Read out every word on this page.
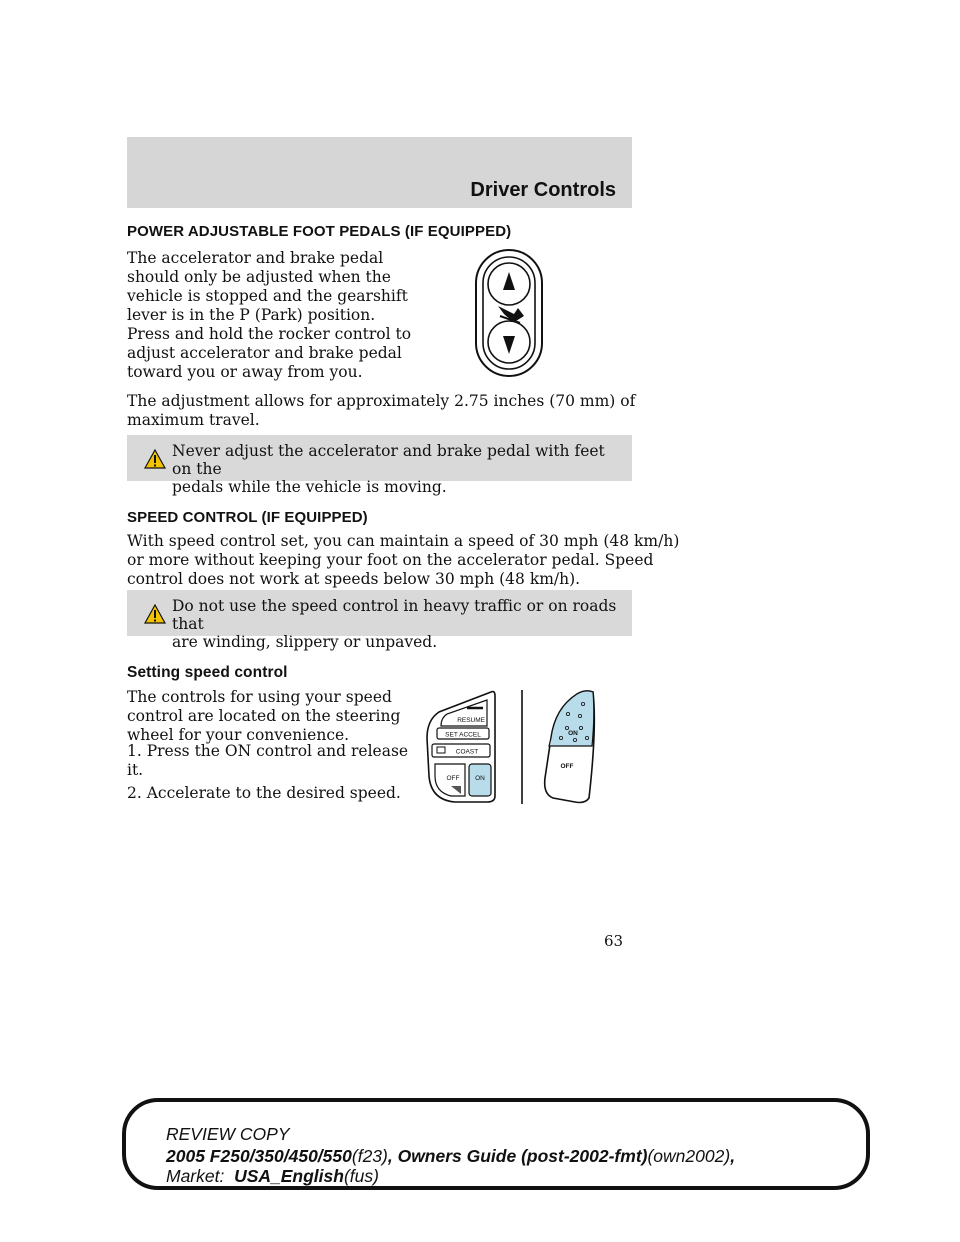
Driver Controls
POWER ADJUSTABLE FOOT PEDALS (IF EQUIPPED)

The accelerator and brake pedal
should only be adjusted when the
vehicle is stopped and the gearshift
lever is in the P (Park) position.

Press and hold the rocker control to
adjust accelerator and brake pedal
toward you or away from you.

The adjustment allows for approximately 2.75 inches (70 mm) of
maximum travel.

Never adjust the accelerator and brake pedal with feet on the
pedals while the vehicle is moving.
SPEED CONTROL (IF EQUIPPED)

With speed control set, you can maintain a speed of 30 mph (48 km/h)
or more without keeping your foot on the accelerator pedal. Speed
control does not work at speeds below 30 mph (48 km/h).

Do not use the speed control in heavy traffic or on roads that
are winding, slippery or unpaved.
Setting speed control

The controls for using your speed
control are located on the steering
wheel for your convenience.

1. Press the ON control and release
it.

2. Accelerate to the desired speed.

RESUME
SET ACCEL
COAST
OFF ON
ON
OFF
63
REVIEW COPY
2005 F250/350/450/550(f23), Owners Guide (post-2002-fmt)(own2002),
Market:  USA_English(fus)
